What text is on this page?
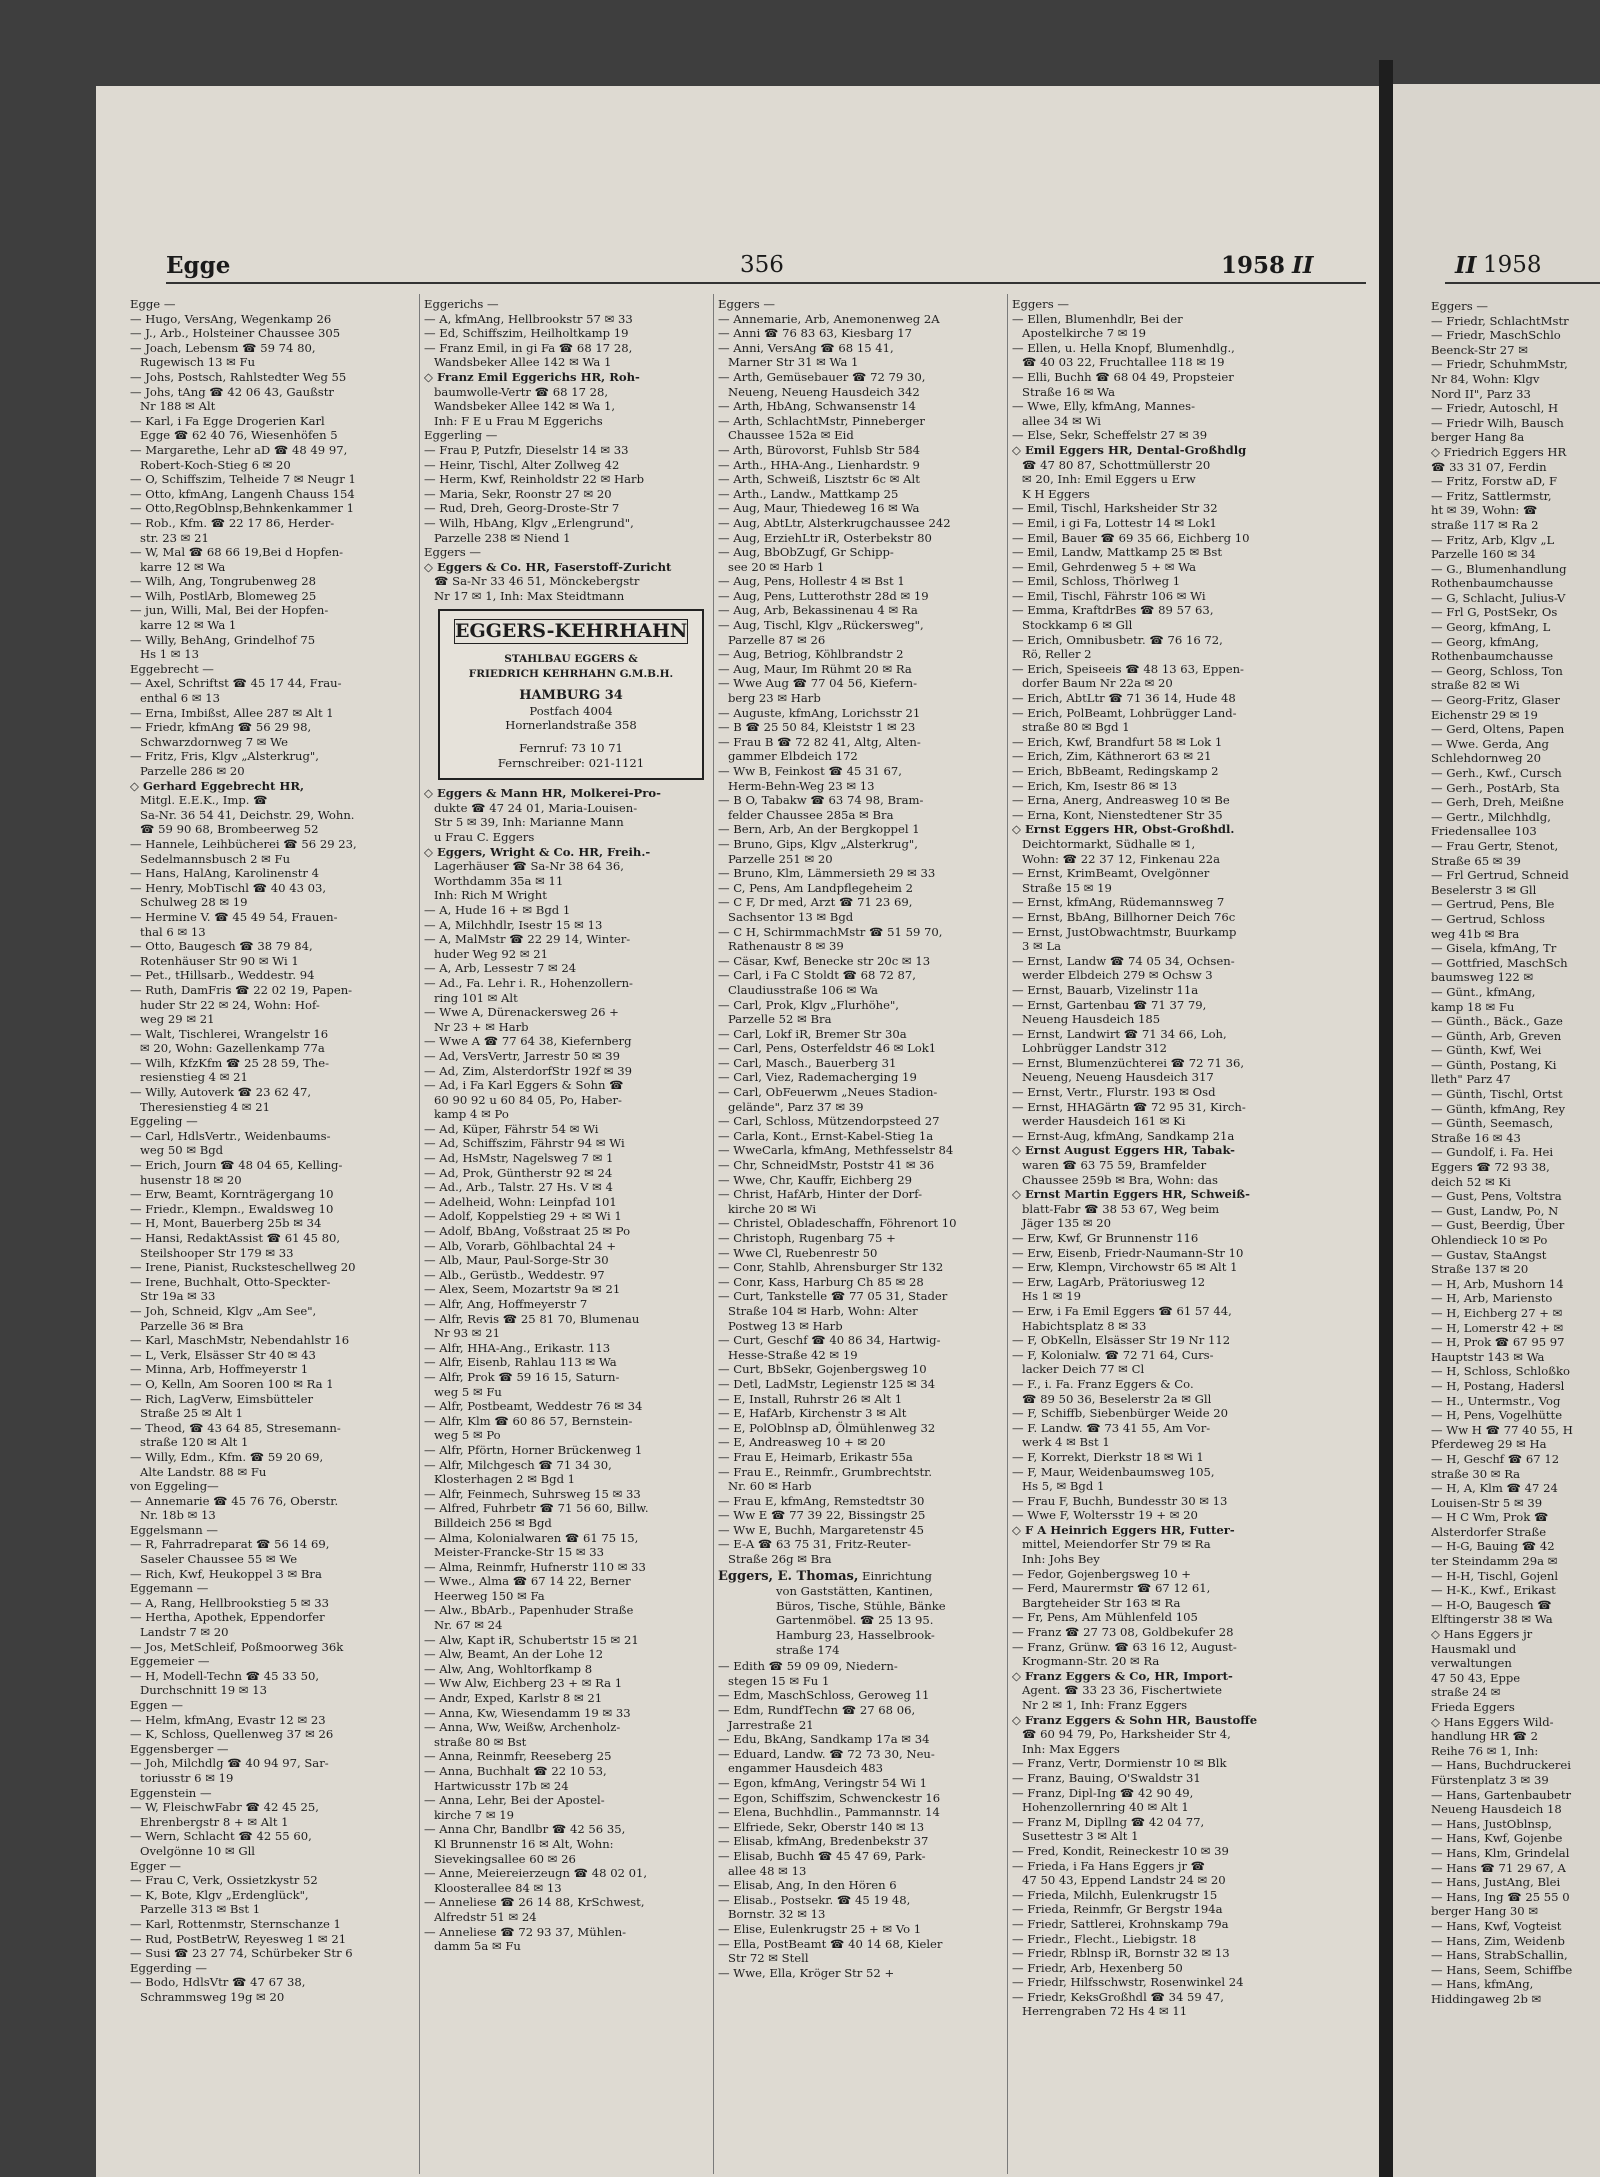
Egge	356	1958 II
Egge —
— Hugo, VersAng, Wegenkamp 26
— J., Arb., Holsteiner Chaussee 305
— Joach, Lebensm ☎ 59 74 80,
Rugewisch 13 ✉ Fu
— Johs, Postsch, Rahlstedter Weg 55
— Johs, tAng ☎ 42 06 43, Gaußstr
Nr 188 ✉ Alt
— Karl, i Fa Egge Drogerien Karl
Egge ☎ 62 40 76, Wiesenhöfen 5
— Margarethe, Lehr aD ☎ 48 49 97,
Robert-Koch-Stieg 6 ✉ 20
— O, Schiffszim, Telheide 7 ✉ Neugr 1
— Otto, kfmAng, Langenh Chauss 154
— Otto,RegOblnsp,Behnkenkammer 1
— Rob., Kfm. ☎ 22 17 86, Herder-
str. 23 ✉ 21
— W, Mal ☎ 68 66 19,Bei d Hopfen-
karre 12 ✉ Wa
— Wilh, Ang, Tongrubenweg 28
— Wilh, PostlArb, Blomeweg 25
— jun, Willi, Mal, Bei der Hopfen-
karre 12 ✉ Wa 1
— Willy, BehAng, Grindelhof 75
Hs 1 ✉ 13
Eggebrecht —
— Axel, Schriftst ☎ 45 17 44, Frau-
enthal 6 ✉ 13
— Erna, Imbißst, Allee 287 ✉ Alt 1
— Friedr, kfmAng ☎ 56 29 98,
Schwarzdornweg 7 ✉ We
— Fritz, Fris, Klgv „Alsterkrug",
Parzelle 286 ✉ 20
◇ Gerhard Eggebrecht HR,
Mitgl. E.E.K., Imp. ☎
Sa-Nr. 36 54 41, Deichstr. 29, Wohn.
☎ 59 90 68, Brombeerweg 52
— Hannele, Leihbücherei ☎ 56 29 23,
Sedelmannsbusch 2 ✉ Fu
— Hans, HalAng, Karolinenstr 4
— Henry, MobTischl ☎ 40 43 03,
Schulweg 28 ✉ 19
— Hermine V. ☎ 45 49 54, Frauen-
thal 6 ✉ 13
— Otto, Baugesch ☎ 38 79 84,
Rotenhäuser Str 90 ✉ Wi 1
— Pet., tHillsarb., Weddestr. 94
— Ruth, DamFris ☎ 22 02 19, Papen-
huder Str 22 ✉ 24, Wohn: Hof-
weg 29 ✉ 21
— Walt, Tischlerei, Wrangelstr 16
✉ 20, Wohn: Gazellenkamp 77a
— Wilh, KfzKfm ☎ 25 28 59, The-
resienstieg 4 ✉ 21
— Willy, Autoverk ☎ 23 62 47,
Theresienstieg 4 ✉ 21
Eggeling —
— Carl, HdlsVertr., Weidenbaums-
weg 50 ✉ Bgd
— Erich, Journ ☎ 48 04 65, Kelling-
husenstr 18 ✉ 20
— Erw, Beamt, Kornträgergang 10
— Friedr., Klempn., Ewaldsweg 10
— H, Mont, Bauerberg 25b ✉ 34
— Hansi, RedaktAssist ☎ 61 45 80,
Steilshooper Str 179 ✉ 33
— Irene, Pianist, Rucksteschellweg 20
— Irene, Buchhalt, Otto-Speckter-
Str 19a ✉ 33
— Joh, Schneid, Klgv „Am See",
Parzelle 36 ✉ Bra
— Karl, MaschMstr, Nebendahlstr 16
— L, Verk, Elsässer Str 40 ✉ 43
— Minna, Arb, Hoffmeyerstr 1
— O, Kelln, Am Sooren 100 ✉ Ra 1
— Rich, LagVerw, Eimsbütteler
Straße 25 ✉ Alt 1
— Theod, ☎ 43 64 85, Stresemann-
straße 120 ✉ Alt 1
— Willy, Edm., Kfm. ☎ 59 20 69,
Alte Landstr. 88 ✉ Fu
von Eggeling—
— Annemarie ☎ 45 76 76, Oberstr.
Nr. 18b ✉ 13
Eggelsmann —
— R, Fahrradreparat ☎ 56 14 69,
Saseler Chaussee 55 ✉ We
— Rich, Kwf, Heukoppel 3 ✉ Bra
Eggemann —
— A, Rang, Hellbrookstieg 5 ✉ 33
— Hertha, Apothek, Eppendorfer
Landstr 7 ✉ 20
— Jos, MetSchleif, Poßmoorweg 36k
Eggemeier —
— H, Modell-Techn ☎ 45 33 50,
Durchschnitt 19 ✉ 13
Eggen —
— Helm, kfmAng, Evastr 12 ✉ 23
— K, Schloss, Quellenweg 37 ✉ 26
Eggensberger —
— Joh, Milchdlg ☎ 40 94 97, Sar-
toriusstr 6 ✉ 19
Eggenstein —
— W, FleischwFabr ☎ 42 45 25,
Ehrenbergstr 8 + ✉ Alt 1
— Wern, Schlacht ☎ 42 55 60,
Ovelgönne 10 ✉ Gll
Egger —
— Frau C, Verk, Ossietzkystr 52
— K, Bote, Klgv „Erdenglück",
Parzelle 313 ✉ Bst 1
— Karl, Rottenmstr, Sternschanze 1
— Rud, PostBetrW, Reyesweg 1 ✉ 21
— Susi ☎ 23 27 74, Schürbeker Str 6
Eggerding —
— Bodo, HdlsVtr ☎ 47 67 38,
Schrammsweg 19g ✉ 20
Eggerichs —
— A, kfmAng, Hellbrookstr 57 ✉ 33
— Ed, Schiffszim, Heilholtkamp 19
— Franz Emil, in gi Fa ☎ 68 17 28,
Wandsbeker Allee 142 ✉ Wa 1
◇ Franz Emil Eggerichs HR, Roh-
baumwolle-Vertr ☎ 68 17 28,
Wandsbeker Allee 142 ✉ Wa 1,
Inh: F E u Frau M Eggerichs
Eggerling —
— Frau P, Putzfr, Dieselstr 14 ✉ 33
— Heinr, Tischl, Alter Zollweg 42
— Herm, Kwf, Reinholdstr 22 ✉ Harb
— Maria, Sekr, Roonstr 27 ✉ 20
— Rud, Dreh, Georg-Droste-Str 7
— Wilh, HbAng, Klgv „Erlengrund",
Parzelle 238 ✉ Niend 1
Eggers —
◇ Eggers & Co. HR, Faserstoff-Zuricht
☎ Sa-Nr 33 46 51, Mönckebergstr
Nr 17 ✉ 1, Inh: Max Steidtmann
EGGERS-KEHRHAHN
STAHLBAU EGGERS &
FRIEDRICH KEHRHAHN G.M.B.H.
HAMBURG 34
Postfach 4004
Hornerlandstraße 358
Fernruf: 73 10 71
Fernschreiber: 021-1121
◇ Eggers & Mann HR, Molkerei-Pro-
dukte ☎ 47 24 01, Maria-Louisen-
Str 5 ✉ 39, Inh: Marianne Mann
u Frau C. Eggers
◇ Eggers, Wright & Co. HR, Freih.-
Lagerhäuser ☎ Sa-Nr 38 64 36,
Worthdamm 35a ✉ 11
Inh: Rich M Wright
— A, Hude 16 + ✉ Bgd 1
— A, Milchhdlr, Isestr 15 ✉ 13
— A, MalMstr ☎ 22 29 14, Winter-
huder Weg 92 ✉ 21
— A, Arb, Lessestr 7 ✉ 24
— Ad., Fa. Lehr i. R., Hohenzollern-
ring 101 ✉ Alt
— Wwe A, Dürenackersweg 26 +
Nr 23 + ✉ Harb
— Wwe A ☎ 77 64 38, Kiefernberg
— Ad, VersVertr, Jarrestr 50 ✉ 39
— Ad, Zim, AlsterdorfStr 192f ✉ 39
— Ad, i Fa Karl Eggers & Sohn ☎
60 90 92 u 60 84 05, Po, Haber-
kamp 4 ✉ Po
— Ad, Küper, Fährstr 54 ✉ Wi
— Ad, Schiffszim, Fährstr 94 ✉ Wi
— Ad, HsMstr, Nagelsweg 7 ✉ 1
— Ad, Prok, Güntherstr 92 ✉ 24
— Ad., Arb., Talstr. 27 Hs. V ✉ 4
— Adelheid, Wohn: Leinpfad 101
— Adolf, Koppelstieg 29 + ✉ Wi 1
— Adolf, BbAng, Voßstraat 25 ✉ Po
— Alb, Vorarb, Göhlbachtal 24 +
— Alb, Maur, Paul-Sorge-Str 30
— Alb., Gerüstb., Weddestr. 97
— Alex, Seem, Mozartstr 9a ✉ 21
— Alfr, Ang, Hoffmeyerstr 7
— Alfr, Revis ☎ 25 81 70, Blumenau
Nr 93 ✉ 21
— Alfr, HHA-Ang., Erikastr. 113
— Alfr, Eisenb, Rahlau 113 ✉ Wa
— Alfr, Prok ☎ 59 16 15, Saturn-
weg 5 ✉ Fu
— Alfr, Postbeamt, Weddestr 76 ✉ 34
— Alfr, Klm ☎ 60 86 57, Bernstein-
weg 5 ✉ Po
— Alfr, Pförtn, Horner Brückenweg 1
— Alfr, Milchgesch ☎ 71 34 30,
Klosterhagen 2 ✉ Bgd 1
— Alfr, Feinmech, Suhrsweg 15 ✉ 33
— Alfred, Fuhrbetr ☎ 71 56 60, Billw.
Billdeich 256 ✉ Bgd
— Alma, Kolonialwaren ☎ 61 75 15,
Meister-Francke-Str 15 ✉ 33
— Alma, Reinmfr, Hufnerstr 110 ✉ 33
— Wwe., Alma ☎ 67 14 22, Berner
Heerweg 150 ✉ Fa
— Alw., BbArb., Papenhuder Straße
Nr. 67 ✉ 24
— Alw, Kapt iR, Schubertstr 15 ✉ 21
— Alw, Beamt, An der Lohe 12
— Alw, Ang, Wohltorfkamp 8
— Ww Alw, Eichberg 23 + ✉ Ra 1
— Andr, Exped, Karlstr 8 ✉ 21
— Anna, Kw, Wiesendamm 19 ✉ 33
— Anna, Ww, Weißw, Archenholz-
straße 80 ✉ Bst
— Anna, Reinmfr, Reeseberg 25
— Anna, Buchhalt ☎ 22 10 53,
Hartwicusstr 17b ✉ 24
— Anna, Lehr, Bei der Apostel-
kirche 7 ✉ 19
— Anna Chr, Bandlbr ☎ 42 56 35,
Kl Brunnenstr 16 ✉ Alt, Wohn:
Sievekingsallee 60 ✉ 26
— Anne, Meiereierzeugn ☎ 48 02 01,
Kloosterallee 84 ✉ 13
— Anneliese ☎ 26 14 88, KrSchwest,
Alfredstr 51 ✉ 24
— Anneliese ☎ 72 93 37, Mühlen-
damm 5a ✉ Fu
Eggers —
— Annemarie, Arb, Anemonenweg 2A
— Anni ☎ 76 83 63, Kiesbarg 17
— Anni, VersAng ☎ 68 15 41,
Marner Str 31 ✉ Wa 1
— Arth, Gemüsebauer ☎ 72 79 30,
Neueng, Neueng Hausdeich 342
— Arth, HbAng, Schwansenstr 14
— Arth, SchlachtMstr, Pinneberger
Chaussee 152a ✉ Eid
— Arth, Bürovorst, Fuhlsb Str 584
— Arth., HHA-Ang., Lienhardstr. 9
— Arth, Schweiß, Lisztstr 6c ✉ Alt
— Arth., Landw., Mattkamp 25
— Aug, Maur, Thiedeweg 16 ✉ Wa
— Aug, AbtLtr, Alsterkrugchaussee 242
— Aug, ErziehLtr iR, Osterbekstr 80
— Aug, BbObZugf, Gr Schipp-
see 20 ✉ Harb 1
— Aug, Pens, Hollestr 4 ✉ Bst 1
— Aug, Pens, Lutterothstr 28d ✉ 19
— Aug, Arb, Bekassinenau 4 ✉ Ra
— Aug, Tischl, Klgv „Rückersweg",
Parzelle 87 ✉ 26
— Aug, Betriog, Köhlbrandstr 2
— Aug, Maur, Im Rühmt 20 ✉ Ra
— Wwe Aug ☎ 77 04 56, Kiefern-
berg 23 ✉ Harb
— Auguste, kfmAng, Lorichsstr 21
— B ☎ 25 50 84, Kleiststr 1 ✉ 23
— Frau B ☎ 72 82 41, Altg, Alten-
gammer Elbdeich 172
— Ww B, Feinkost ☎ 45 31 67,
Herm-Behn-Weg 23 ✉ 13
— B O, Tabakw ☎ 63 74 98, Bram-
felder Chaussee 285a ✉ Bra
— Bern, Arb, An der Bergkoppel 1
— Bruno, Gips, Klgv „Alsterkrug",
Parzelle 251 ✉ 20
— Bruno, Klm, Lämmersieth 29 ✉ 33
— C, Pens, Am Landpflegeheim 2
— C F, Dr med, Arzt ☎ 71 23 69,
Sachsentor 13 ✉ Bgd
— C H, SchirmmachMstr ☎ 51 59 70,
Rathenaustr 8 ✉ 39
— Cäsar, Kwf, Benecke str 20c ✉ 13
— Carl, i Fa C Stoldt ☎ 68 72 87,
Claudiusstraße 106 ✉ Wa
— Carl, Prok, Klgv „Flurhöhe",
Parzelle 52 ✉ Bra
— Carl, Lokf iR, Bremer Str 30a
— Carl, Pens, Osterfeldstr 46 ✉ Lok1
— Carl, Masch., Bauerberg 31
— Carl, Viez, Rademacherging 19
— Carl, ObFeuerwm „Neues Stadion-
gelände", Parz 37 ✉ 39
— Carl, Schloss, Mützendorpsteed 27
— Carla, Kont., Ernst-Kabel-Stieg 1a
— WweCarla, kfmAng, Methfesselstr 84
— Chr, SchneidMstr, Poststr 41 ✉ 36
— Wwe, Chr, Kauffr, Eichberg 29
— Christ, HafArb, Hinter der Dorf-
kirche 20 ✉ Wi
— Christel, Obladeschaffn, Föhrenort 10
— Christoph, Rugenbarg 75 +
— Wwe Cl, Ruebenrestr 50
— Conr, Stahlb, Ahrensburger Str 132
— Conr, Kass, Harburg Ch 85 ✉ 28
— Curt, Tankstelle ☎ 77 05 31, Stader
Straße 104 ✉ Harb, Wohn: Alter
Postweg 13 ✉ Harb
— Curt, Geschf ☎ 40 86 34, Hartwig-
Hesse-Straße 42 ✉ 19
— Curt, BbSekr, Gojenbergsweg 10
— Detl, LadMstr, Legienstr 125 ✉ 34
— E, Install, Ruhrstr 26 ✉ Alt 1
— E, HafArb, Kirchenstr 3 ✉ Alt
— E, PolOblnsp aD, Ölmühlenweg 32
— E, Andreasweg 10 + ✉ 20
— Frau E, Heimarb, Erikastr 55a
— Frau E., Reinmfr., Grumbrechtstr.
Nr. 60 ✉ Harb
— Frau E, kfmAng, Remstedtstr 30
— Ww E ☎ 77 39 22, Bissingstr 25
— Ww E, Buchh, Margaretenstr 45
— E-A ☎ 63 75 31, Fritz-Reuter-
Straße 26g ✉ Bra
Eggers, E. Thomas, Einrichtung
von Gaststätten, Kantinen,
Büros, Tische, Stühle, Bänke
Gartenmöbel. ☎ 25 13 95.
Hamburg 23, Hasselbrook-
straße 174
— Edith ☎ 59 09 09, Niedern-
stegen 15 ✉ Fu 1
— Edm, MaschSchloss, Geroweg 11
— Edm, RundfTechn ☎ 27 68 06,
Jarrestraße 21
— Edu, BkAng, Sandkamp 17a ✉ 34
— Eduard, Landw. ☎ 72 73 30, Neu-
engammer Hausdeich 483
— Egon, kfmAng, Veringstr 54 Wi 1
— Egon, Schiffszim, Schwenckestr 16
— Elena, Buchhdlin., Pammannstr. 14
— Elfriede, Sekr, Oberstr 140 ✉ 13
— Elisab, kfmAng, Bredenbekstr 37
— Elisab, Buchh ☎ 45 47 69, Park-
allee 48 ✉ 13
— Elisab, Ang, In den Hören 6
— Elisab., Postsekr. ☎ 45 19 48,
Bornstr. 32 ✉ 13
— Elise, Eulenkrugstr 25 + ✉ Vo 1
— Ella, PostBeamt ☎ 40 14 68, Kieler
Str 72 ✉ Stell
— Wwe, Ella, Kröger Str 52 +
Eggers —
— Ellen, Blumenhdlr, Bei der
Apostelkirche 7 ✉ 19
— Ellen, u. Hella Knopf, Blumenhdlg.,
☎ 40 03 22, Fruchtallee 118 ✉ 19
— Elli, Buchh ☎ 68 04 49, Propsteier
Straße 16 ✉ Wa
— Wwe, Elly, kfmAng, Mannes-
allee 34 ✉ Wi
— Else, Sekr, Scheffelstr 27 ✉ 39
◇ Emil Eggers HR, Dental-Großhdlg
☎ 47 80 87, Schottmüllerstr 20
✉ 20, Inh: Emil Eggers u Erw
K H Eggers
— Emil, Tischl, Harksheider Str 32
— Emil, i gi Fa, Lottestr 14 ✉ Lok1
— Emil, Bauer ☎ 69 35 66, Eichberg 10
— Emil, Landw, Mattkamp 25 ✉ Bst
— Emil, Gehrdenweg 5 + ✉ Wa
— Emil, Schloss, Thörlweg 1
— Emil, Tischl, Fährstr 106 ✉ Wi
— Emma, KraftdrBes ☎ 89 57 63,
Stockkamp 6 ✉ Gll
— Erich, Omnibusbetr. ☎ 76 16 72,
Rö, Reller 2
— Erich, Speiseeis ☎ 48 13 63, Eppen-
dorfer Baum Nr 22a ✉ 20
— Erich, AbtLtr ☎ 71 36 14, Hude 48
— Erich, PolBeamt, Lohbrügger Land-
straße 80 ✉ Bgd 1
— Erich, Kwf, Brandfurt 58 ✉ Lok 1
— Erich, Zim, Käthnerort 63 ✉ 21
— Erich, BbBeamt, Redingskamp 2
— Erich, Km, Isestr 86 ✉ 13
— Erna, Anerg, Andreasweg 10 ✉ Be
— Erna, Kont, Nienstedtener Str 35
◇ Ernst Eggers HR, Obst-Großhdl.
Deichtormarkt, Südhalle ✉ 1,
Wohn: ☎ 22 37 12, Finkenau 22a
— Ernst, KrimBeamt, Ovelgönner
Straße 15 ✉ 19
— Ernst, kfmAng, Rüdemannsweg 7
— Ernst, BbAng, Billhorner Deich 76c
— Ernst, JustObwachtmstr, Buurkamp
3 ✉ La
— Ernst, Landw ☎ 74 05 34, Ochsen-
werder Elbdeich 279 ✉ Ochsw 3
— Ernst, Bauarb, Vizelinstr 11a
— Ernst, Gartenbau ☎ 71 37 79,
Neueng Hausdeich 185
— Ernst, Landwirt ☎ 71 34 66, Loh,
Lohbrügger Landstr 312
— Ernst, Blumenzüchterei ☎ 72 71 36,
Neueng, Neueng Hausdeich 317
— Ernst, Vertr., Flurstr. 193 ✉ Osd
— Ernst, HHAGärtn ☎ 72 95 31, Kirch-
werder Hausdeich 161 ✉ Ki
— Ernst-Aug, kfmAng, Sandkamp 21a
◇ Ernst August Eggers HR, Tabak-
waren ☎ 63 75 59, Bramfelder
Chaussee 259b ✉ Bra, Wohn: das
◇ Ernst Martin Eggers HR, Schweiß-
blatt-Fabr ☎ 38 53 67, Weg beim
Jäger 135 ✉ 20
— Erw, Kwf, Gr Brunnenstr 116
— Erw, Eisenb, Friedr-Naumann-Str 10
— Erw, Klempn, Virchowstr 65 ✉ Alt 1
— Erw, LagArb, Prätoriusweg 12
Hs 1 ✉ 19
— Erw, i Fa Emil Eggers ☎ 61 57 44,
Habichtsplatz 8 ✉ 33
— F, ObKelln, Elsässer Str 19 Nr 112
— F, Kolonialw. ☎ 72 71 64, Curs-
lacker Deich 77 ✉ Cl
— F., i. Fa. Franz Eggers & Co.
☎ 89 50 36, Beselerstr 2a ✉ Gll
— F, Schiffb, Siebenbürger Weide 20
— F. Landw. ☎ 73 41 55, Am Vor-
werk 4 ✉ Bst 1
— F, Korrekt, Dierkstr 18 ✉ Wi 1
— F, Maur, Weidenbaumsweg 105,
Hs 5, ✉ Bgd 1
— Frau F, Buchh, Bundesstr 30 ✉ 13
— Wwe F, Woltersstr 19 + ✉ 20
◇ F A Heinrich Eggers HR, Futter-
mittel, Meiendorfer Str 79 ✉ Ra
Inh: Johs Bey
— Fedor, Gojenbergsweg 10 +
— Ferd, Maurermstr ☎ 67 12 61,
Bargteheider Str 163 ✉ Ra
— Fr, Pens, Am Mühlenfeld 105
— Franz ☎ 27 73 08, Goldbekufer 28
— Franz, Grünw. ☎ 63 16 12, August-
Krogmann-Str. 20 ✉ Ra
◇ Franz Eggers & Co, HR, Import-
Agent. ☎ 33 23 36, Fischertwiete
Nr 2 ✉ 1, Inh: Franz Eggers
◇ Franz Eggers & Sohn HR, Baustoffe
☎ 60 94 79, Po, Harksheider Str 4,
Inh: Max Eggers
— Franz, Vertr, Dormienstr 10 ✉ Blk
— Franz, Bauing, O'Swaldstr 31
— Franz, Dipl-Ing ☎ 42 90 49,
Hohenzollernring 40 ✉ Alt 1
— Franz M, Dipllng ☎ 42 04 77,
Susettestr 3 ✉ Alt 1
— Fred, Kondit, Reineckestr 10 ✉ 39
— Frieda, i Fa Hans Eggers jr ☎
47 50 43, Eppend Landstr 24 ✉ 20
— Frieda, Milchh, Eulenkrugstr 15
— Frieda, Reinmfr, Gr Bergstr 194a
— Friedr, Sattlerei, Krohnskamp 79a
— Friedr., Flecht., Liebigstr. 18
— Friedr, Rblnsp iR, Bornstr 32 ✉ 13
— Friedr, Arb, Hexenberg 50
— Friedr, Hilfsschwstr, Rosenwinkel 24
— Friedr, KeksGroßhdl ☎ 34 59 47,
Herrengraben 72 Hs 4 ✉ 11
II 1958
Eggers —
— Friedr, SchlachtMstr
— Friedr, MaschSchlo
Beenck-Str 27 ✉
— Friedr, SchuhmMstr,
Nr 84, Wohn: Klgv
Nord II", Parz 33
— Friedr, Autoschl, H
— Friedr Wilh, Bausch
berger Hang 8a
◇ Friedrich Eggers HR
☎ 33 31 07, Ferdin
— Fritz, Forstw aD, F
— Fritz, Sattlermstr,
ht ✉ 39, Wohn: ☎
straße 117 ✉ Ra 2
— Fritz, Arb, Klgv „L
Parzelle 160 ✉ 34
— G., Blumenhandlung
Rothenbaumchausse
— G, Schlacht, Julius-V
— Frl G, PostSekr, Os
— Georg, kfmAng, L
— Georg, kfmAng,
Rothenbaumchausse
— Georg, Schloss, Ton
straße 82 ✉ Wi
— Georg-Fritz, Glaser
Eichenstr 29 ✉ 19
— Gerd, Oltens, Papen
— Wwe. Gerda, Ang
Schlehdornweg 20
— Gerh., Kwf., Cursch
— Gerh., PostArb, Sta
— Gerh, Dreh, Meißne
— Gertr., Milchhdlg,
Friedensallee 103
— Frau Gertr, Stenot,
Straße 65 ✉ 39
— Frl Gertrud, Schneid
Beselerstr 3 ✉ Gll
— Gertrud, Pens, Ble
— Gertrud, Schloss
weg 41b ✉ Bra
— Gisela, kfmAng, Tr
— Gottfried, MaschSch
baumsweg 122 ✉
— Günt., kfmAng,
kamp 18 ✉ Fu
— Günth., Bäck., Gaze
— Günth, Arb, Greven
— Günth, Kwf, Wei
— Günth, Postang, Ki
lleth" Parz 47
— Günth, Tischl, Ortst
— Günth, kfmAng, Rey
— Günth, Seemasch,
Straße 16 ✉ 43
— Gundolf, i. Fa. Hei
Eggers ☎ 72 93 38,
deich 52 ✉ Ki
— Gust, Pens, Voltstra
— Gust, Landw, Po, N
— Gust, Beerdig, Über
Ohlendieck 10 ✉ Po
— Gustav, StaAngst
Straße 137 ✉ 20
— H, Arb, Mushorn 14
— H, Arb, Mariensto
— H, Eichberg 27 + ✉
— H, Lomerstr 42 + ✉
— H, Prok ☎ 67 95 97
Hauptstr 143 ✉ Wa
— H, Schloss, Schloßko
— H, Postang, Hadersl
— H., Untermstr., Vog
— H, Pens, Vogelhütte
— Ww H ☎ 77 40 55, H
Pferdeweg 29 ✉ Ha
— H, Geschf ☎ 67 12
straße 30 ✉ Ra
— H, A, Klm ☎ 47 24
Louisen-Str 5 ✉ 39
— H C Wm, Prok ☎
Alsterdorfer Straße
— H-G, Bauing ☎ 42
ter Steindamm 29a ✉
— H-H, Tischl, Gojenl
— H-K., Kwf., Erikast
— H-O, Baugesch ☎
Elftingerstr 38 ✉ Wa
◇ Hans Eggers jr
Hausmakl und
verwaltungen
47 50 43, Eppe
straße 24 ✉
Frieda Eggers
◇ Hans Eggers Wild-
handlung HR ☎ 2
Reihe 76 ✉ 1, Inh:
— Hans, Buchdruckerei
Fürstenplatz 3 ✉ 39
— Hans, Gartenbaubetr
Neueng Hausdeich 18
— Hans, JustOblnsp,
— Hans, Kwf, Gojenbe
— Hans, Klm, Grindelal
— Hans ☎ 71 29 67, A
— Hans, JustAng, Blei
— Hans, Ing ☎ 25 55 0
berger Hang 30 ✉
— Hans, Kwf, Vogteist
— Hans, Zim, Weidenb
— Hans, StrabSchallin,
— Hans, Seem, Schiffbe
— Hans, kfmAng,
Hiddingaweg 2b ✉
